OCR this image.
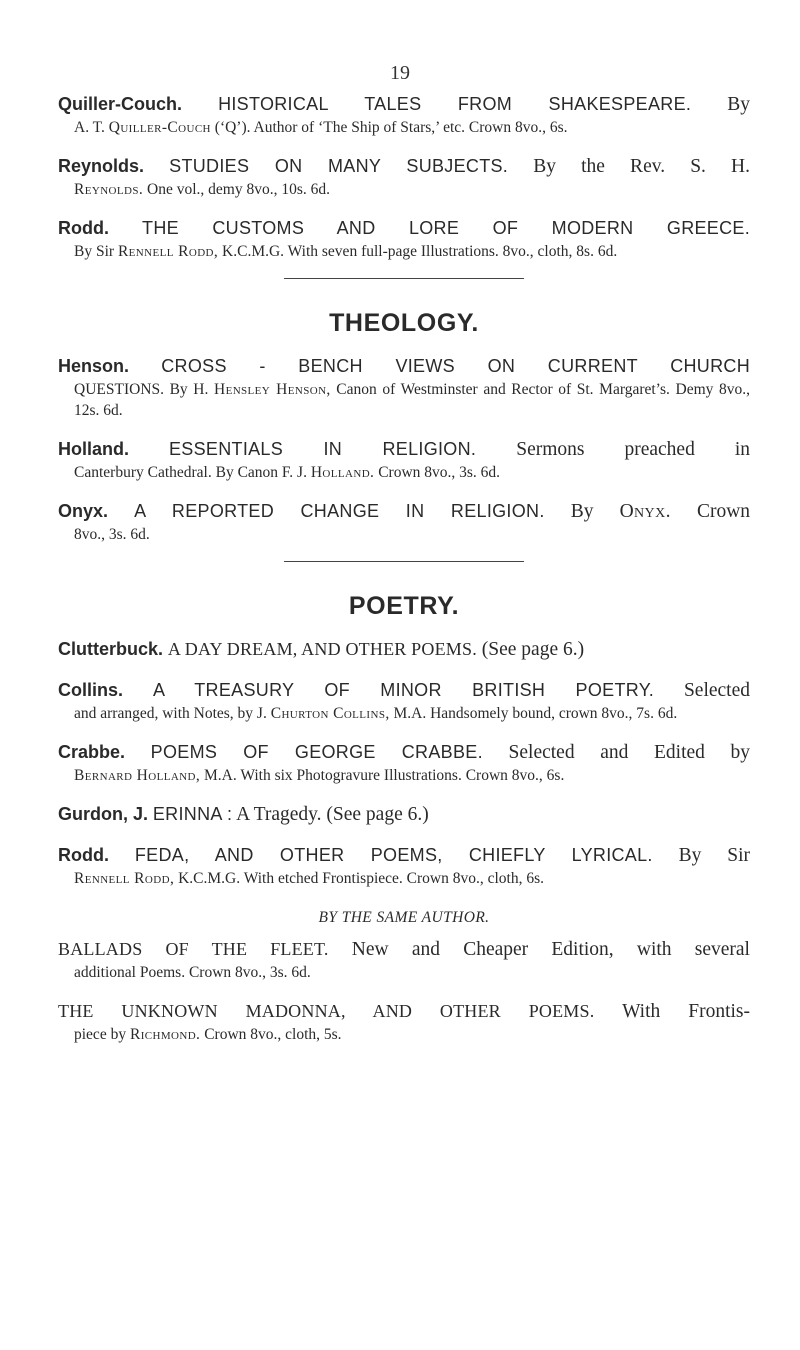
19
Quiller-Couch. HISTORICAL TALES FROM SHAKESPEARE. By
A. T. Quiller-Couch (‘Q’). Author of ‘The Ship of Stars,’ etc. Crown 8vo., 6s.
Reynolds. STUDIES ON MANY SUBJECTS. By the Rev. S. H.
Reynolds. One vol., demy 8vo., 10s. 6d.
Rodd. THE CUSTOMS AND LORE OF MODERN GREECE.
By Sir Rennell Rodd, K.C.M.G. With seven full-page Illustrations. 8vo., cloth, 8s. 6d.
THEOLOGY.
Henson. CROSS - BENCH VIEWS ON CURRENT CHURCH
QUESTIONS. By H. Hensley Henson, Canon of Westminster and Rector of St. Margaret’s. Demy 8vo., 12s. 6d.
Holland. ESSENTIALS IN RELIGION. Sermons preached in
Canterbury Cathedral. By Canon F. J. Holland. Crown 8vo., 3s. 6d.
Onyx. A REPORTED CHANGE IN RELIGION. By Onyx. Crown
8vo., 3s. 6d.
POETRY.
Clutterbuck. A DAY DREAM, AND OTHER POEMS. (See page 6.)
Collins. A TREASURY OF MINOR BRITISH POETRY. Selected
and arranged, with Notes, by J. Churton Collins, M.A. Handsomely bound, crown 8vo., 7s. 6d.
Crabbe. POEMS OF GEORGE CRABBE. Selected and Edited by
Bernard Holland, M.A. With six Photogravure Illustrations. Crown 8vo., 6s.
Gurdon, J. ERINNA : A Tragedy. (See page 6.)
Rodd. FEDA, AND OTHER POEMS, CHIEFLY LYRICAL. By Sir
Rennell Rodd, K.C.M.G. With etched Frontispiece. Crown 8vo., cloth, 6s.
BY THE SAME AUTHOR.
BALLADS OF THE FLEET. New and Cheaper Edition, with several
additional Poems. Crown 8vo., 3s. 6d.
THE UNKNOWN MADONNA, AND OTHER POEMS. With Frontis-
piece by Richmond. Crown 8vo., cloth, 5s.
